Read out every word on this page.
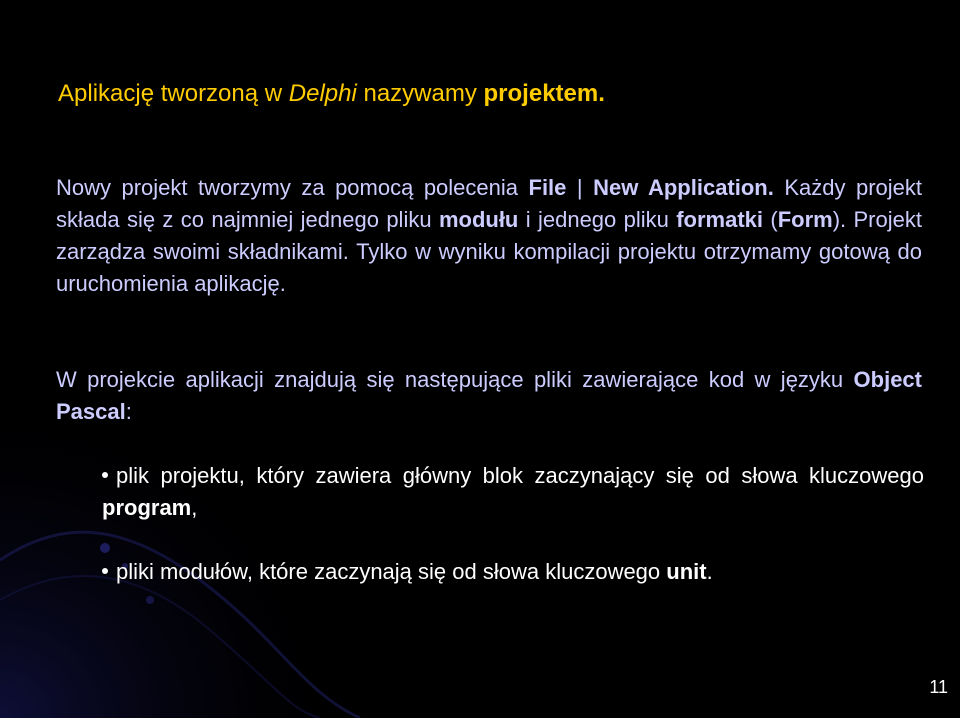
Aplikację tworzoną w Delphi nazywamy projektem.
Nowy projekt tworzymy za pomocą polecenia File | New Application. Każdy projekt składa się z co najmniej jednego pliku modułu i jednego pliku formatki (Form). Projekt zarządza swoimi składnikami. Tylko w wyniku kompilacji projektu otrzymamy gotową do uruchomienia aplikację.
W projekcie aplikacji znajdują się następujące pliki zawierające kod w języku Object Pascal:
plik projektu, który zawiera główny blok zaczynający się od słowa kluczowego program,
pliki modułów, które zaczynają się od słowa kluczowego unit.
11
